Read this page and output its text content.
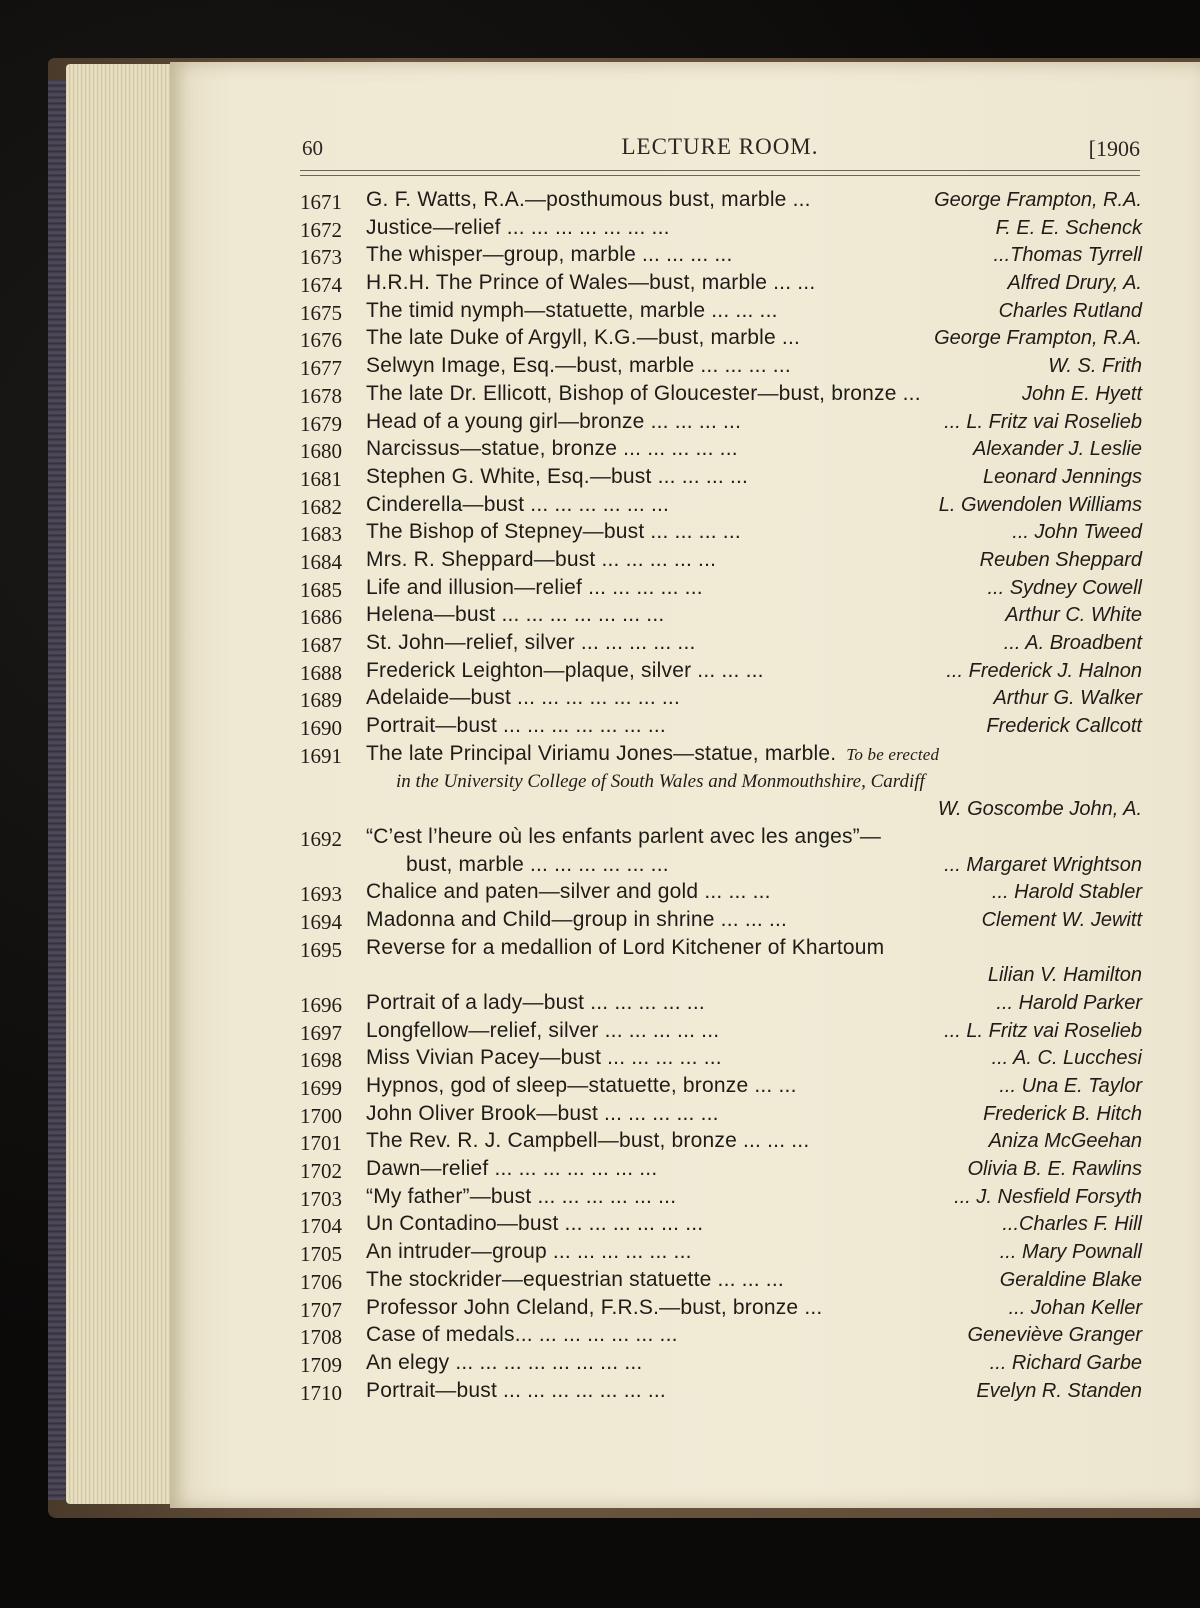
60	LECTURE ROOM.	[1906
1671	G. F. Watts, R.A.—posthumous bust, marble ...	George Frampton, R.A.
1672	Justice—relief ... ... ... ... ... ... ...	F. E. E. Schenck
1673	The whisper—group, marble ... ... ... ...	...Thomas Tyrrell
1674	H.R.H. The Prince of Wales—bust, marble ... ...	Alfred Drury, A.
1675	The timid nymph—statuette, marble ... ... ...	Charles Rutland
1676	The late Duke of Argyll, K.G.—bust, marble ...	George Frampton, R.A.
1677	Selwyn Image, Esq.—bust, marble ... ... ... ...	W. S. Frith
1678	The late Dr. Ellicott, Bishop of Gloucester—bust, bronze ...	John E. Hyett
1679	Head of a young girl—bronze ... ... ... ...	... L. Fritz vai Roselieb
1680	Narcissus—statue, bronze ... ... ... ... ...	Alexander J. Leslie
1681	Stephen G. White, Esq.—bust ... ... ... ...	Leonard Jennings
1682	Cinderella—bust ... ... ... ... ... ...	L. Gwendolen Williams
1683	The Bishop of Stepney—bust ... ... ... ...	... John Tweed
1684	Mrs. R. Sheppard—bust ... ... ... ... ...	Reuben Sheppard
1685	Life and illusion—relief ... ... ... ... ...	... Sydney Cowell
1686	Helena—bust ... ... ... ... ... ... ...	Arthur C. White
1687	St. John—relief, silver ... ... ... ... ...	... A. Broadbent
1688	Frederick Leighton—plaque, silver ... ... ...	... Frederick J. Halnon
1689	Adelaide—bust ... ... ... ... ... ... ...	Arthur G. Walker
1690	Portrait—bust ... ... ... ... ... ... ...	Frederick Callcott
1691	The late Principal Viriamu Jones—statue, marble. To be erected
in the University College of South Wales and Monmouthshire, Cardiff
W. Goscombe John, A.
1692	“C’est l’heure où les enfants parlent avec les anges”—
bust, marble ... ... ... ... ... ...	... Margaret Wrightson
1693	Chalice and paten—silver and gold ... ... ...	... Harold Stabler
1694	Madonna and Child—group in shrine ... ... ...	Clement W. Jewitt
1695	Reverse for a medallion of Lord Kitchener of Khartoum
Lilian V. Hamilton
1696	Portrait of a lady—bust ... ... ... ... ...	... Harold Parker
1697	Longfellow—relief, silver ... ... ... ... ...	... L. Fritz vai Roselieb
1698	Miss Vivian Pacey—bust ... ... ... ... ...	... A. C. Lucchesi
1699	Hypnos, god of sleep—statuette, bronze ... ...	... Una E. Taylor
1700	John Oliver Brook—bust ... ... ... ... ...	Frederick B. Hitch
1701	The Rev. R. J. Campbell—bust, bronze ... ... ...	Aniza McGeehan
1702	Dawn—relief ... ... ... ... ... ... ...	Olivia B. E. Rawlins
1703	“My father”—bust ... ... ... ... ... ...	... J. Nesfield Forsyth
1704	Un Contadino—bust ... ... ... ... ... ...	...Charles F. Hill
1705	An intruder—group ... ... ... ... ... ...	... Mary Pownall
1706	The stockrider—equestrian statuette ... ... ...	Geraldine Blake
1707	Professor John Cleland, F.R.S.—bust, bronze ...	... Johan Keller
1708	Case of medals... ... ... ... ... ... ...	Geneviève Granger
1709	An elegy ... ... ... ... ... ... ... ...	... Richard Garbe
1710	Portrait—bust ... ... ... ... ... ... ...	Evelyn R. Standen
